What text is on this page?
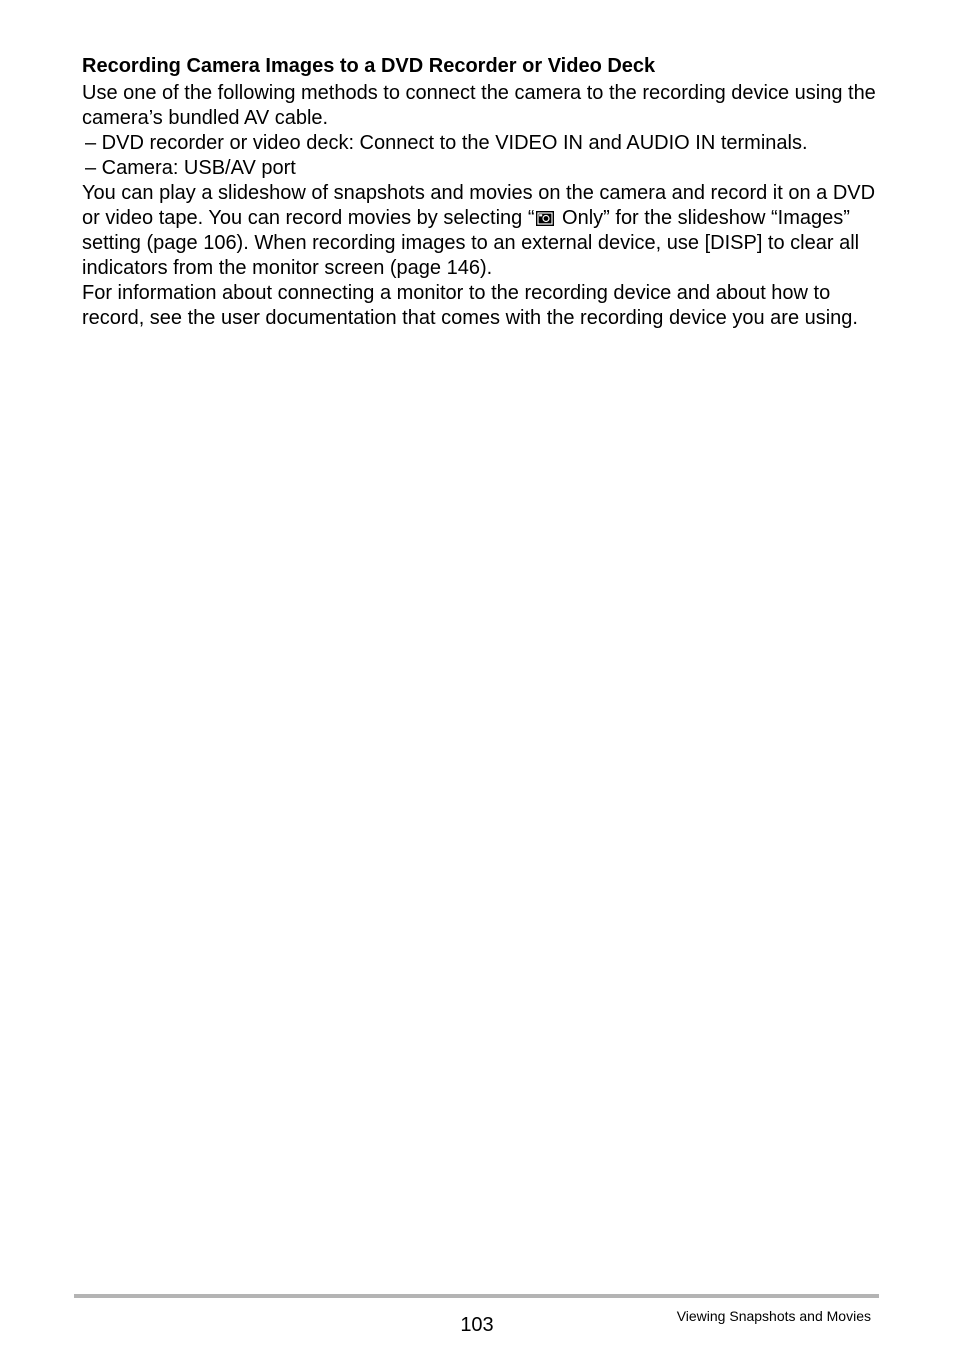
Recording Camera Images to a DVD Recorder or Video Deck

Use one of the following methods to connect the camera to the recording device using the camera’s bundled AV cable.

– DVD recorder or video deck: Connect to the VIDEO IN and AUDIO IN terminals.

– Camera: USB/AV port

You can play a slideshow of snapshots and movies on the camera and record it on a DVD or video tape. You can record movies by selecting “
Only” for the slideshow “Images” setting (page 106). When recording images to an external device, use [DISP] to clear all indicators from the monitor screen (page 146).

For information about connecting a monitor to the recording device and about how to record, see the user documentation that comes with the recording device you are using.

103	Viewing Snapshots and Movies
